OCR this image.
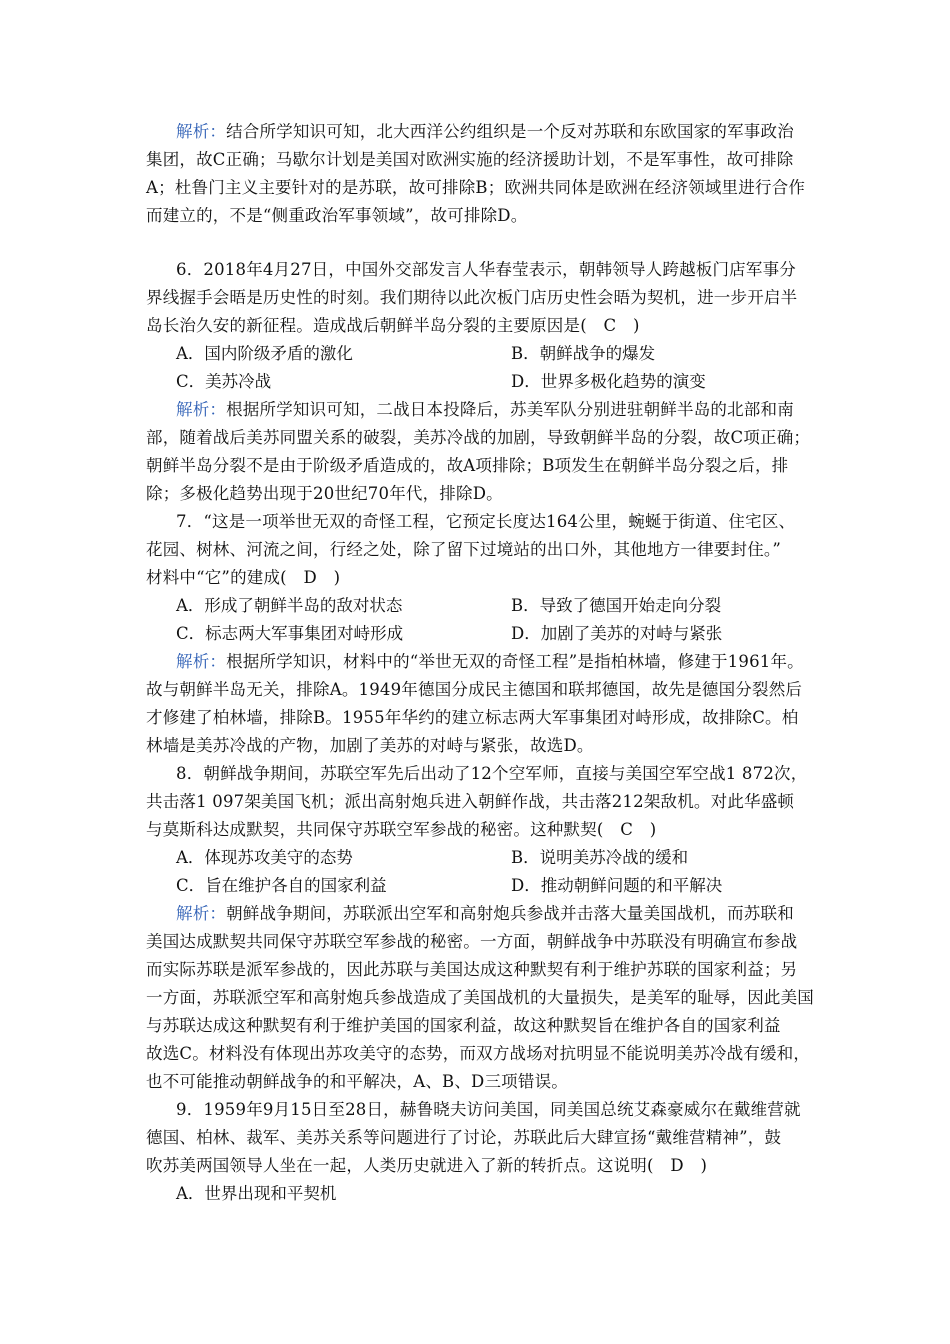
解析：结合所学知识可知，北大西洋公约组织是一个反对苏联和东欧国家的军事政治
集团，故C正确；马歇尔计划是美国对欧洲实施的经济援助计划，不是军事性，故可排除
A；杜鲁门主义主要针对的是苏联，故可排除B；欧洲共同体是欧洲在经济领域里进行合作
而建立的，不是“侧重政治军事领域”，故可排除D。
6．2018年4月27日，中国外交部发言人华春莹表示，朝韩领导人跨越板门店军事分
界线握手会晤是历史性的时刻。我们期待以此次板门店历史性会晤为契机，进一步开启半
岛长治久安的新征程。造成战后朝鲜半岛分裂的主要原因是(　C　)
A．国内阶级矛盾的激化	B．朝鲜战争的爆发
C．美苏冷战	D．世界多极化趋势的演变
解析：根据所学知识可知，二战日本投降后，苏美军队分别进驻朝鲜半岛的北部和南
部，随着战后美苏同盟关系的破裂，美苏冷战的加剧，导致朝鲜半岛的分裂，故C项正确；
朝鲜半岛分裂不是由于阶级矛盾造成的，故A项排除；B项发生在朝鲜半岛分裂之后，排
除；多极化趋势出现于20世纪70年代，排除D。
7．“这是一项举世无双的奇怪工程，它预定长度达164公里，蜿蜒于街道、住宅区、
花园、树林、河流之间，行经之处，除了留下过境站的出口外，其他地方一律要封住。”
材料中“它”的建成(　D　)
A．形成了朝鲜半岛的敌对状态	B．导致了德国开始走向分裂
C．标志两大军事集团对峙形成	D．加剧了美苏的对峙与紧张
解析：根据所学知识，材料中的“举世无双的奇怪工程”是指柏林墙，修建于1961年。
故与朝鲜半岛无关，排除A。1949年德国分成民主德国和联邦德国，故先是德国分裂然后
才修建了柏林墙，排除B。1955年华约的建立标志两大军事集团对峙形成，故排除C。柏
林墙是美苏冷战的产物，加剧了美苏的对峙与紧张，故选D。
8．朝鲜战争期间，苏联空军先后出动了12个空军师，直接与美国空军空战1 872次，
共击落1 097架美国飞机；派出高射炮兵进入朝鲜作战，共击落212架敌机。对此华盛顿
与莫斯科达成默契，共同保守苏联空军参战的秘密。这种默契(　C　)
A．体现苏攻美守的态势	B．说明美苏冷战的缓和
C．旨在维护各自的国家利益	D．推动朝鲜问题的和平解决
解析：朝鲜战争期间，苏联派出空军和高射炮兵参战并击落大量美国战机，而苏联和
美国达成默契共同保守苏联空军参战的秘密。一方面，朝鲜战争中苏联没有明确宣布参战
而实际苏联是派军参战的，因此苏联与美国达成这种默契有利于维护苏联的国家利益；另
一方面，苏联派空军和高射炮兵参战造成了美国战机的大量损失，是美军的耻辱，因此美国
与苏联达成这种默契有利于维护美国的国家利益，故这种默契旨在维护各自的国家利益
故选C。材料没有体现出苏攻美守的态势，而双方战场对抗明显不能说明美苏冷战有缓和，
也不可能推动朝鲜战争的和平解决，A、B、D三项错误。
9．1959年9月15日至28日，赫鲁晓夫访问美国，同美国总统艾森豪威尔在戴维营就
德国、柏林、裁军、美苏关系等问题进行了讨论，苏联此后大肆宣扬“戴维营精神”，鼓
吹苏美两国领导人坐在一起，人类历史就进入了新的转折点。这说明(　D　)
A．世界出现和平契机
